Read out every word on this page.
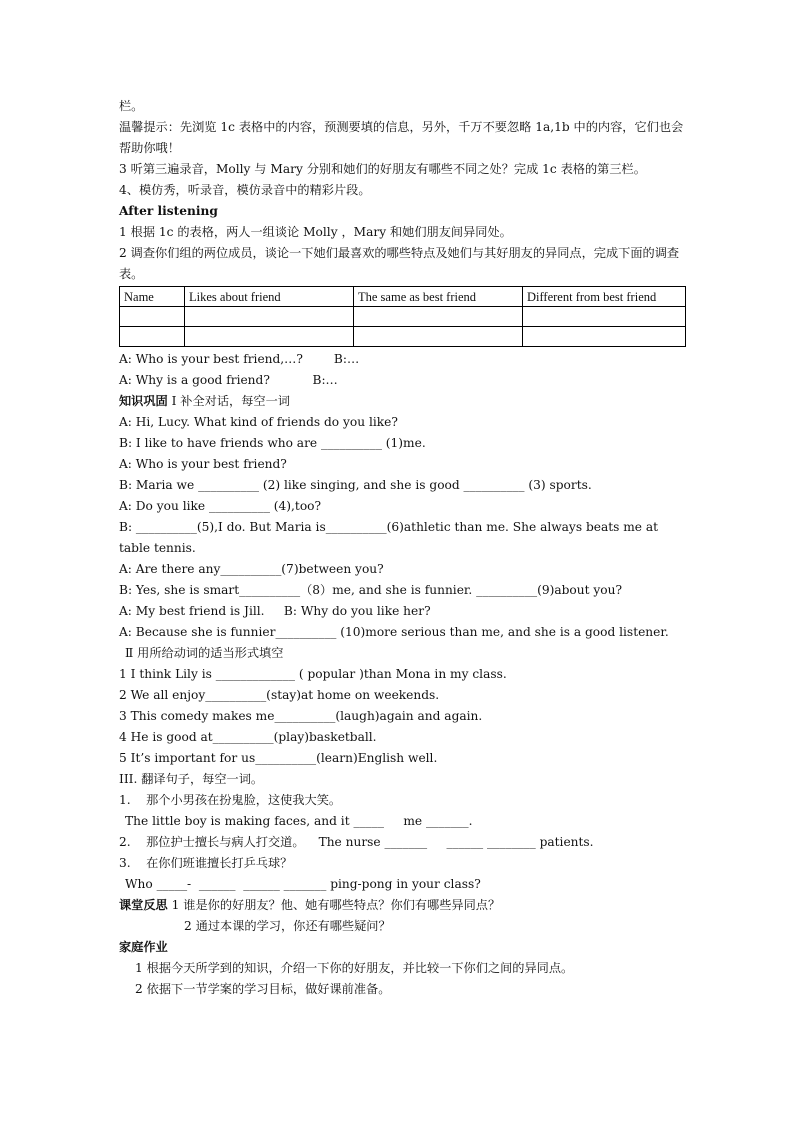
栏。
温馨提示：先浏览 1c 表格中的内容，预测要填的信息，另外，千万不要忽略 1a,1b 中的内容，它们也会帮助你哦！
3 听第三遍录音，Molly 与 Mary 分别和她们的好朋友有哪些不同之处？完成 1c 表格的第三栏。
4、模仿秀，听录音，模仿录音中的精彩片段。
After listening
1 根据 1c 的表格，两人一组谈论 Molly ，Mary 和她们朋友间异同处。
2 调查你们组的两位成员，谈论一下她们最喜欢的哪些特点及她们与其好朋友的异同点，完成下面的调查表。
Name	Likes about friend	The same as best friend	Different from best friend

A: Who is your best friend,…?        B:…
A: Why is a good friend?           B:…
知识巩固 Ⅰ 补全对话，每空一词
A: Hi, Lucy. What kind of friends do you like?
B: I like to have friends who are __________ (1)me.
A: Who is your best friend?
B: Maria we __________ (2) like singing, and she is good __________ (3) sports.
A: Do you like __________ (4),too?
B: __________(5),I do. But Maria is__________(6)athletic than me. She always beats me at table tennis.
A: Are there any__________(7)between you?
B: Yes, she is smart__________（8）me, and she is funnier. __________(9)about you?
A: My best friend is Jill.     B: Why do you like her?
A: Because she is funnier__________ (10)more serious than me, and she is a good listener.
Ⅱ 用所给动词的适当形式填空
1 I think Lily is _____________ ( popular )than Mona in my class.
2 We all enjoy__________(stay)at home on weekends.
3 This comedy makes me__________(laugh)again and again.
4 He is good at__________(play)basketball.
5 It’s important for us__________(learn)English well.
III. 翻译句子，每空一词。
1.    那个小男孩在扮鬼脸，这使我大笑。
The little boy is making faces, and it _____     me _______.
2.    那位护士擅长与病人打交道。 The nurse _______     ______ ________ patients.
3.    在你们班谁擅长打乒乓球？
Who _____-  ______  ______ _______ ping-pong in your class?
课堂反思 1 谁是你的好朋友？他、她有哪些特点？你们有哪些异同点？
2 通过本课的学习，你还有哪些疑问？
家庭作业
1 根据今天所学到的知识，介绍一下你的好朋友，并比较一下你们之间的异同点。
2 依据下一节学案的学习目标，做好课前准备。
